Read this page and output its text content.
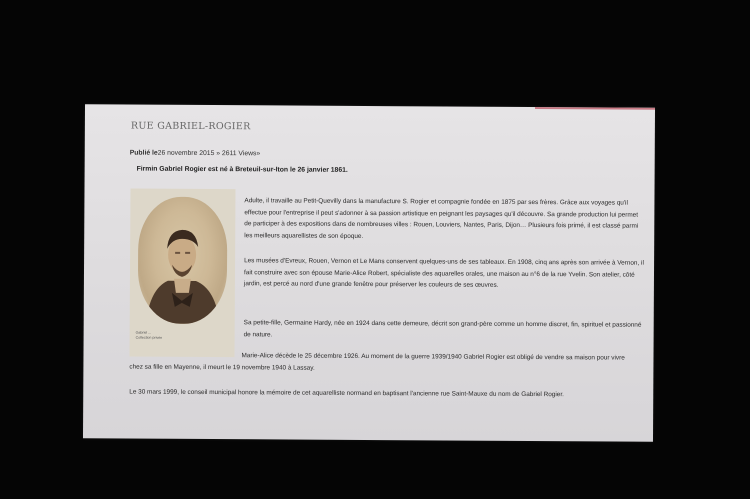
RUE GABRIEL-ROGIER
Publié le26 novembre 2015 » 2611 Views»
Firmin Gabriel Rogier est né à Breteuil-sur-Iton le 26 janvier 1861.
Gabriel ...
Collection privée
Adulte, il travaille au Petit-Quevilly dans la manufacture S. Rogier et compagnie fondée en 1875 par ses frères. Grâce aux voyages qu'il effectue pour l'entreprise il peut s'adonner à sa passion artistique en peignant les paysages qu'il découvre. Sa grande production lui permet de participer à des expositions dans de nombreuses villes : Rouen, Louviers, Nantes, Paris, Dijon… Plusieurs fois primé, il est classé parmi les meilleurs aquarellistes de son époque.
Les musées d'Evreux, Rouen, Vernon et Le Mans conservent quelques-uns de ses tableaux. En 1908, cinq ans après son arrivée à Vernon, il fait construire avec son épouse Marie-Alice Robert, spécialiste des aquarelles orales, une maison au n°6 de la rue Yvelin. Son atelier, côté jardin, est percé au nord d'une grande fenêtre pour préserver les couleurs de ses œuvres.
Sa petite-fille, Germaine Hardy, née en 1924 dans cette demeure, décrit son grand-père comme un homme discret, fin, spirituel et passionné de nature.
Marie-Alice décède le 25 décembre 1926. Au moment de la guerre 1939/1940 Gabriel Rogier est obligé de vendre sa maison pour vivre chez sa fille en Mayenne, il meurt le 19 novembre 1940 à Lassay.
Le 30 mars 1999, le conseil municipal honore la mémoire de cet aquarelliste normand en baptisant l'ancienne rue Saint-Mauxe du nom de Gabriel Rogier.
